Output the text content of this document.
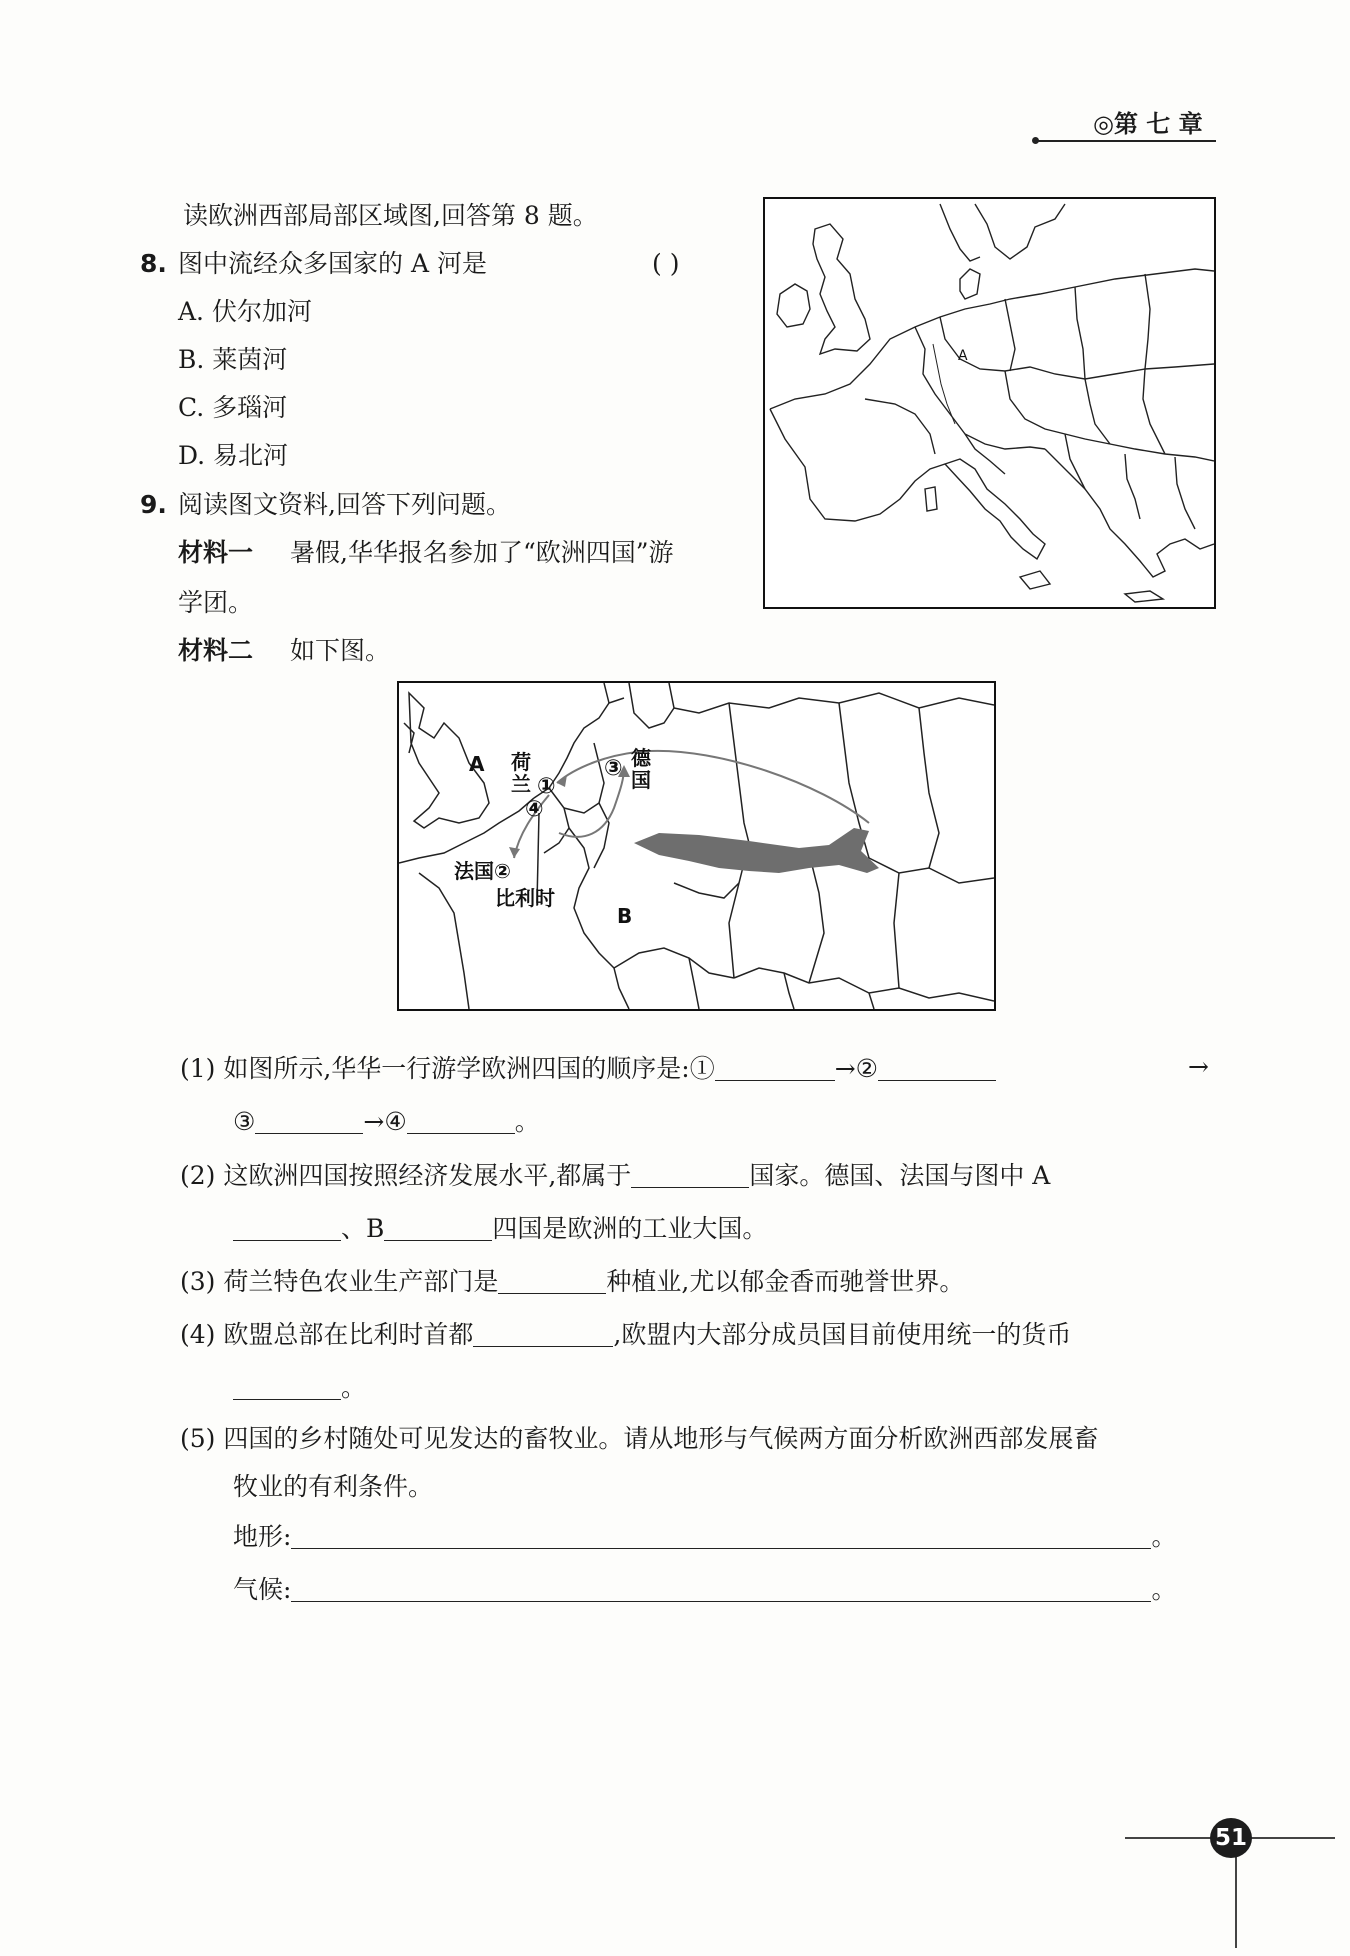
◎第 七 章
读欧洲西部局部区域图,回答第 8 题。
8. 图中流经众多国家的 A 河是	( )
A. 伏尔加河
B. 莱茵河
C. 多瑙河
D. 易北河
A
9. 阅读图文资料,回答下列问题。
材料一 暑假,华华报名参加了“欧洲四国”游
学团。
材料二 如下图。
A
B
荷
兰 ①
③ 德
国
④
法国②
比利时
(1) 如图所示,华华一行游学欧洲四国的顺序是:①	→②	→
③	→④	。
(2) 这欧洲四国按照经济发展水平,都属于	国家。德国、法国与图中 A
、B	四国是欧洲的工业大国。
(3) 荷兰特色农业生产部门是	种植业,尤以郁金香而驰誉世界。
(4) 欧盟总部在比利时首都	,欧盟内大部分成员国目前使用统一的货币
。
(5) 四国的乡村随处可见发达的畜牧业。请从地形与气候两方面分析欧洲西部发展畜
牧业的有利条件。
地形:	。
气候:	。
51
